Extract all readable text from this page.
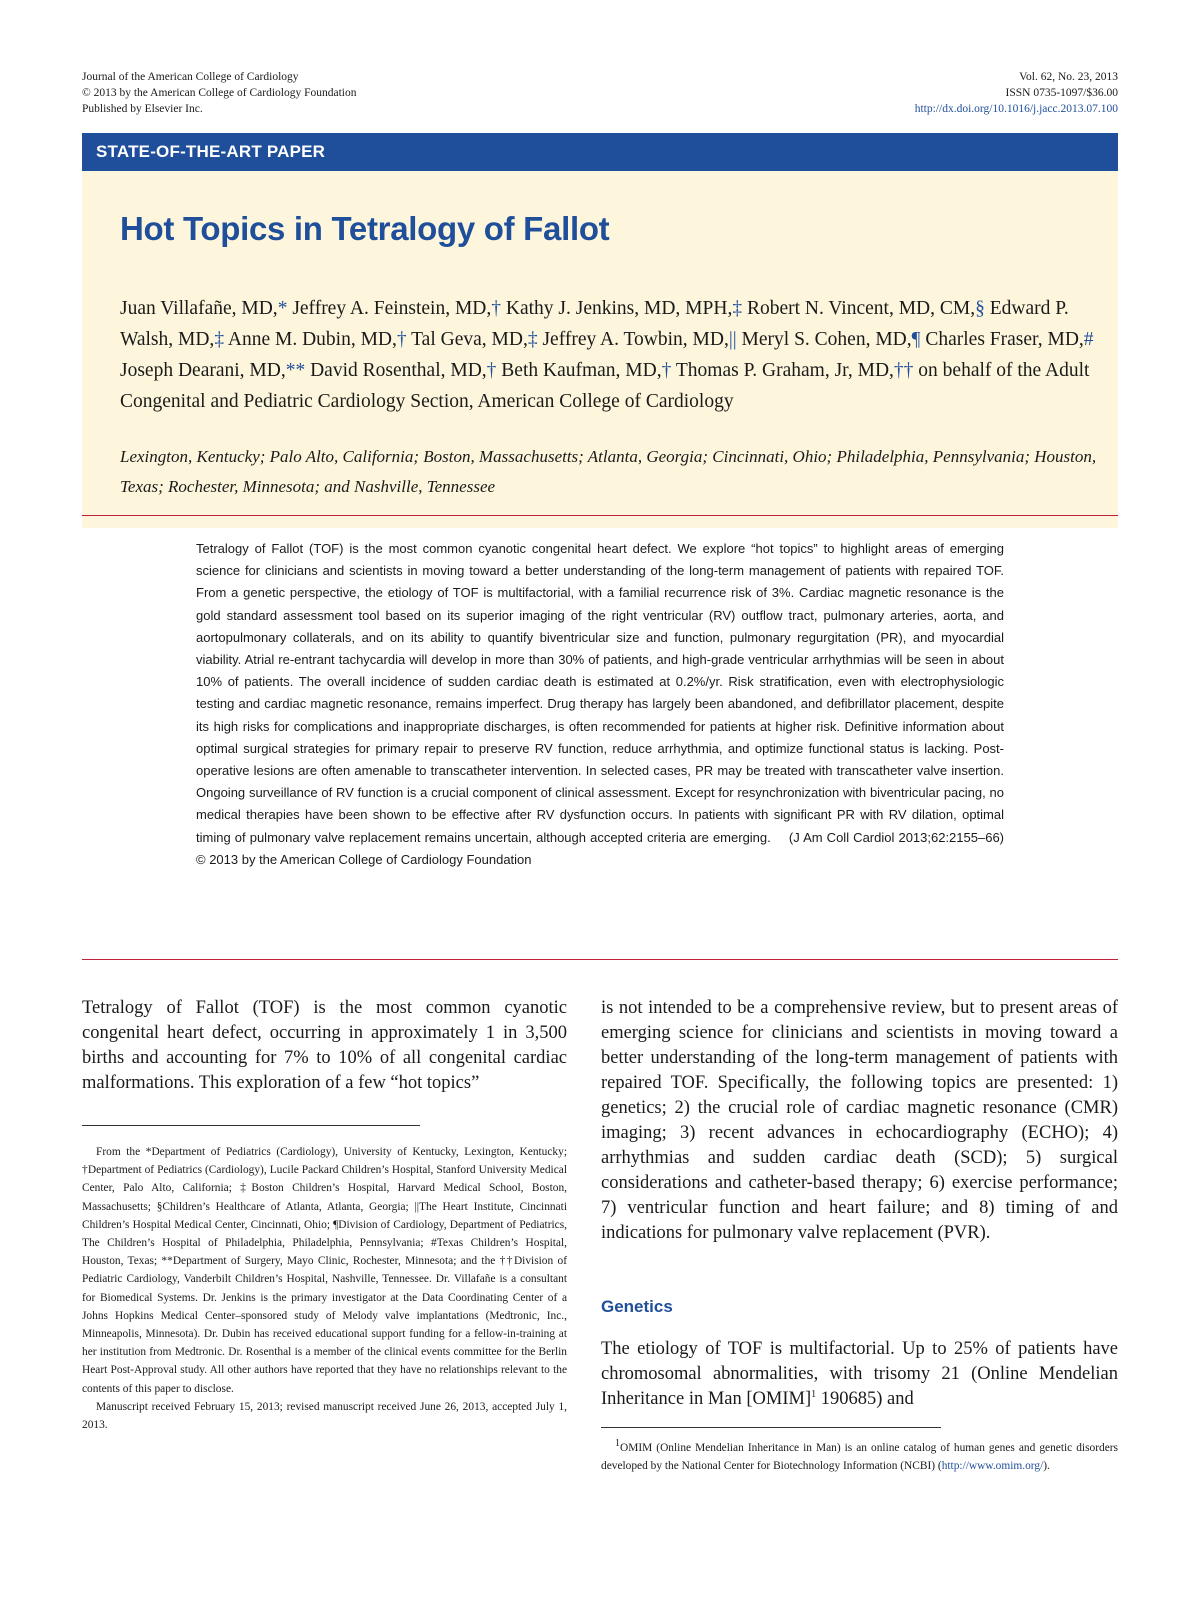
Journal of the American College of Cardiology
© 2013 by the American College of Cardiology Foundation
Published by Elsevier Inc.
Vol. 62, No. 23, 2013
ISSN 0735-1097/$36.00
http://dx.doi.org/10.1016/j.jacc.2013.07.100
STATE-OF-THE-ART PAPER
Hot Topics in Tetralogy of Fallot
Juan Villafañe, MD,* Jeffrey A. Feinstein, MD,† Kathy J. Jenkins, MD, MPH,‡ Robert N. Vincent, MD, CM,§ Edward P. Walsh, MD,‡ Anne M. Dubin, MD,† Tal Geva, MD,‡ Jeffrey A. Towbin, MD,|| Meryl S. Cohen, MD,¶ Charles Fraser, MD,# Joseph Dearani, MD,** David Rosenthal, MD,† Beth Kaufman, MD,† Thomas P. Graham, Jr, MD,†† on behalf of the Adult Congenital and Pediatric Cardiology Section, American College of Cardiology
Lexington, Kentucky; Palo Alto, California; Boston, Massachusetts; Atlanta, Georgia; Cincinnati, Ohio; Philadelphia, Pennsylvania; Houston, Texas; Rochester, Minnesota; and Nashville, Tennessee
Tetralogy of Fallot (TOF) is the most common cyanotic congenital heart defect. We explore “hot topics” to highlight areas of emerging science for clinicians and scientists in moving toward a better understanding of the long-term management of patients with repaired TOF. From a genetic perspective, the etiology of TOF is multifactorial, with a familial recurrence risk of 3%. Cardiac magnetic resonance is the gold standard assessment tool based on its superior imaging of the right ventricular (RV) outflow tract, pulmonary arteries, aorta, and aortopulmonary collaterals, and on its ability to quantify biventricular size and function, pulmonary regurgitation (PR), and myocardial viability. Atrial re-entrant tachycardia will develop in more than 30% of patients, and high-grade ventricular arrhythmias will be seen in about 10% of patients. The overall incidence of sudden cardiac death is estimated at 0.2%/yr. Risk stratification, even with electrophysiologic testing and cardiac magnetic resonance, remains imperfect. Drug therapy has largely been abandoned, and defibrillator placement, despite its high risks for complications and inappropriate discharges, is often recommended for patients at higher risk. Definitive information about optimal surgical strategies for primary repair to preserve RV function, reduce arrhythmia, and optimize functional status is lacking. Post-operative lesions are often amenable to transcatheter intervention. In selected cases, PR may be treated with transcatheter valve insertion. Ongoing surveillance of RV function is a crucial component of clinical assessment. Except for resynchronization with biventricular pacing, no medical therapies have been shown to be effective after RV dysfunction occurs. In patients with significant PR with RV dilation, optimal timing of pulmonary valve replacement remains uncertain, although accepted criteria are emerging. (J Am Coll Cardiol 2013;62:2155–66) © 2013 by the American College of Cardiology Foundation
Tetralogy of Fallot (TOF) is the most common cyanotic congenital heart defect, occurring in approximately 1 in 3,500 births and accounting for 7% to 10% of all congenital cardiac malformations. This exploration of a few “hot topics”
From the *Department of Pediatrics (Cardiology), University of Kentucky, Lexington, Kentucky; †Department of Pediatrics (Cardiology), Lucile Packard Children’s Hospital, Stanford University Medical Center, Palo Alto, California; ‡Boston Children’s Hospital, Harvard Medical School, Boston, Massachusetts; §Children’s Healthcare of Atlanta, Atlanta, Georgia; ||The Heart Institute, Cincinnati Children’s Hospital Medical Center, Cincinnati, Ohio; ¶Division of Cardiology, Department of Pediatrics, The Children’s Hospital of Philadelphia, Philadelphia, Pennsylvania; #Texas Children’s Hospital, Houston, Texas; **Department of Surgery, Mayo Clinic, Rochester, Minnesota; and the ††Division of Pediatric Cardiology, Vanderbilt Children’s Hospital, Nashville, Tennessee. Dr. Villafañe is a consultant for Biomedical Systems. Dr. Jenkins is the primary investigator at the Data Coordinating Center of a Johns Hopkins Medical Center–sponsored study of Melody valve implantations (Medtronic, Inc., Minneapolis, Minnesota). Dr. Dubin has received educational support funding for a fellow-in-training at her institution from Medtronic. Dr. Rosenthal is a member of the clinical events committee for the Berlin Heart Post-Approval study. All other authors have reported that they have no relationships relevant to the contents of this paper to disclose.
Manuscript received February 15, 2013; revised manuscript received June 26, 2013, accepted July 1, 2013.
is not intended to be a comprehensive review, but to present areas of emerging science for clinicians and scientists in moving toward a better understanding of the long-term management of patients with repaired TOF. Specifically, the following topics are presented: 1) genetics; 2) the crucial role of cardiac magnetic resonance (CMR) imaging; 3) recent advances in echocardiography (ECHO); 4) arrhythmias and sudden cardiac death (SCD); 5) surgical considerations and catheter-based therapy; 6) exercise performance; 7) ventricular function and heart failure; and 8) timing of and indications for pulmonary valve replacement (PVR).
Genetics
The etiology of TOF is multifactorial. Up to 25% of patients have chromosomal abnormalities, with trisomy 21 (Online Mendelian Inheritance in Man [OMIM]$^1$ 190685) and
$^1$OMIM (Online Mendelian Inheritance in Man) is an online catalog of human genes and genetic disorders developed by the National Center for Biotechnology Information (NCBI) (http://www.omim.org/).
